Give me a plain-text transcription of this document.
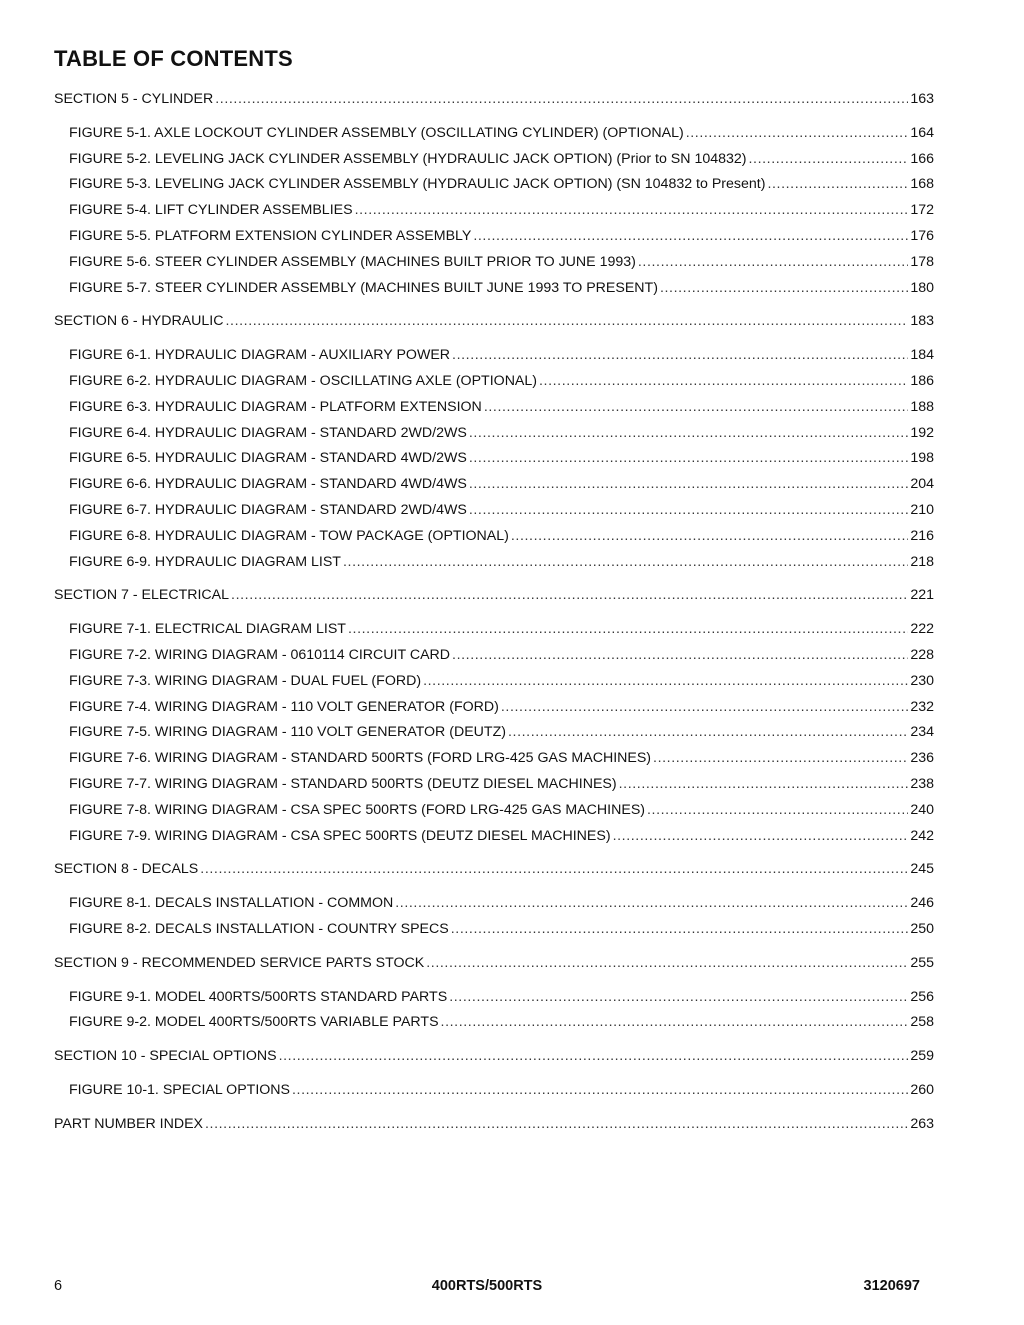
TABLE OF CONTENTS
SECTION 5 - CYLINDER .....	163
FIGURE 5-1. AXLE LOCKOUT CYLINDER ASSEMBLY (OSCILLATING CYLINDER) (OPTIONAL) .....	164
FIGURE 5-2. LEVELING JACK CYLINDER ASSEMBLY (HYDRAULIC JACK OPTION) (Prior to SN 104832) .....	166
FIGURE 5-3. LEVELING JACK CYLINDER ASSEMBLY (HYDRAULIC JACK OPTION) (SN 104832 to Present) .....	168
FIGURE 5-4. LIFT CYLINDER ASSEMBLIES .....	172
FIGURE 5-5. PLATFORM EXTENSION CYLINDER ASSEMBLY .....	176
FIGURE 5-6. STEER CYLINDER ASSEMBLY (MACHINES BUILT PRIOR TO JUNE 1993) .....	178
FIGURE 5-7. STEER CYLINDER ASSEMBLY (MACHINES BUILT JUNE 1993 TO PRESENT) .....	180
SECTION 6 - HYDRAULIC .....	183
FIGURE 6-1. HYDRAULIC DIAGRAM - AUXILIARY POWER .....	184
FIGURE 6-2. HYDRAULIC DIAGRAM - OSCILLATING AXLE (OPTIONAL) .....	186
FIGURE 6-3. HYDRAULIC DIAGRAM - PLATFORM EXTENSION .....	188
FIGURE 6-4. HYDRAULIC DIAGRAM - STANDARD 2WD/2WS .....	192
FIGURE 6-5. HYDRAULIC DIAGRAM - STANDARD 4WD/2WS .....	198
FIGURE 6-6. HYDRAULIC DIAGRAM - STANDARD 4WD/4WS .....	204
FIGURE 6-7. HYDRAULIC DIAGRAM - STANDARD 2WD/4WS .....	210
FIGURE 6-8. HYDRAULIC DIAGRAM - TOW PACKAGE (OPTIONAL) .....	216
FIGURE 6-9. HYDRAULIC DIAGRAM LIST .....	218
SECTION 7 - ELECTRICAL .....	221
FIGURE 7-1. ELECTRICAL DIAGRAM LIST .....	222
FIGURE 7-2. WIRING DIAGRAM - 0610114 CIRCUIT CARD .....	228
FIGURE 7-3. WIRING DIAGRAM - DUAL FUEL (FORD) .....	230
FIGURE 7-4. WIRING DIAGRAM - 110 VOLT GENERATOR (FORD) .....	232
FIGURE 7-5. WIRING DIAGRAM - 110 VOLT GENERATOR (DEUTZ) .....	234
FIGURE 7-6. WIRING DIAGRAM - STANDARD 500RTS (FORD LRG-425 GAS MACHINES) .....	236
FIGURE 7-7. WIRING DIAGRAM - STANDARD 500RTS (DEUTZ DIESEL MACHINES) .....	238
FIGURE 7-8. WIRING DIAGRAM - CSA SPEC 500RTS (FORD LRG-425 GAS MACHINES) .....	240
FIGURE 7-9. WIRING DIAGRAM - CSA SPEC 500RTS (DEUTZ DIESEL MACHINES) .....	242
SECTION 8 - DECALS .....	245
FIGURE 8-1. DECALS INSTALLATION - COMMON .....	246
FIGURE 8-2. DECALS INSTALLATION - COUNTRY SPECS .....	250
SECTION 9 - RECOMMENDED SERVICE PARTS STOCK .....	255
FIGURE 9-1. MODEL 400RTS/500RTS STANDARD PARTS .....	256
FIGURE 9-2. MODEL 400RTS/500RTS VARIABLE PARTS .....	258
SECTION 10 - SPECIAL OPTIONS .....	259
FIGURE 10-1. SPECIAL OPTIONS .....	260
PART NUMBER INDEX .....	263
6	400RTS/500RTS	3120697
